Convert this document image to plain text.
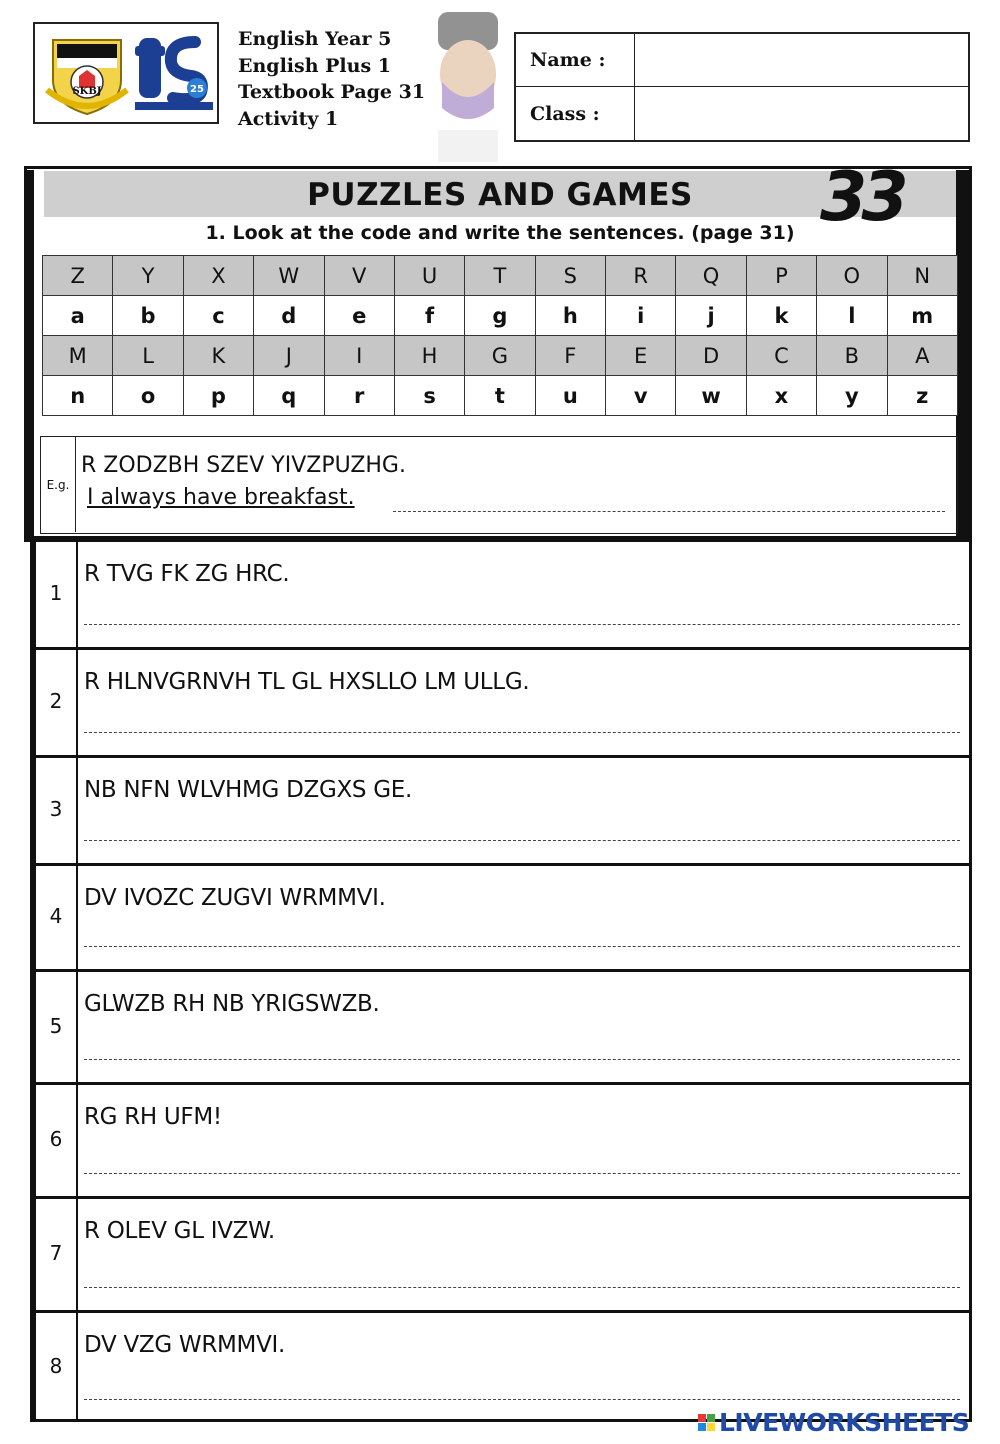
SKBJ	25
English Year 5
English Plus 1
Textbook Page 31
Activity 1
Name :
Class :
PUZZLES AND GAMES	33
1. Look at the code and write the sentences. (page 31)
Z	Y	X	W	V	U	T	S	R	Q	P	O	N
a	b	c	d	e	f	g	h	i	j	k	l	m
M	L	K	J	I	H	G	F	E	D	C	B	A
n	o	p	q	r	s	t	u	v	w	x	y	z
E.g.
R ZODZBH SZEV YIVZPUZHG.
I always have breakfast.
1
R TVG FK ZG HRC.
2
R HLNVGRNVH TL GL HXSLLO LM ULLG.
3
NB NFN WLVHMG DZGXS GE.
4
DV IVOZC ZUGVI WRMMVI.
5
GLWZB RH NB YRIGSWZB.
6
RG RH UFM!
7
R OLEV GL IVZW.
8
DV VZG WRMMVI.
LIVEWORKSHEETS
